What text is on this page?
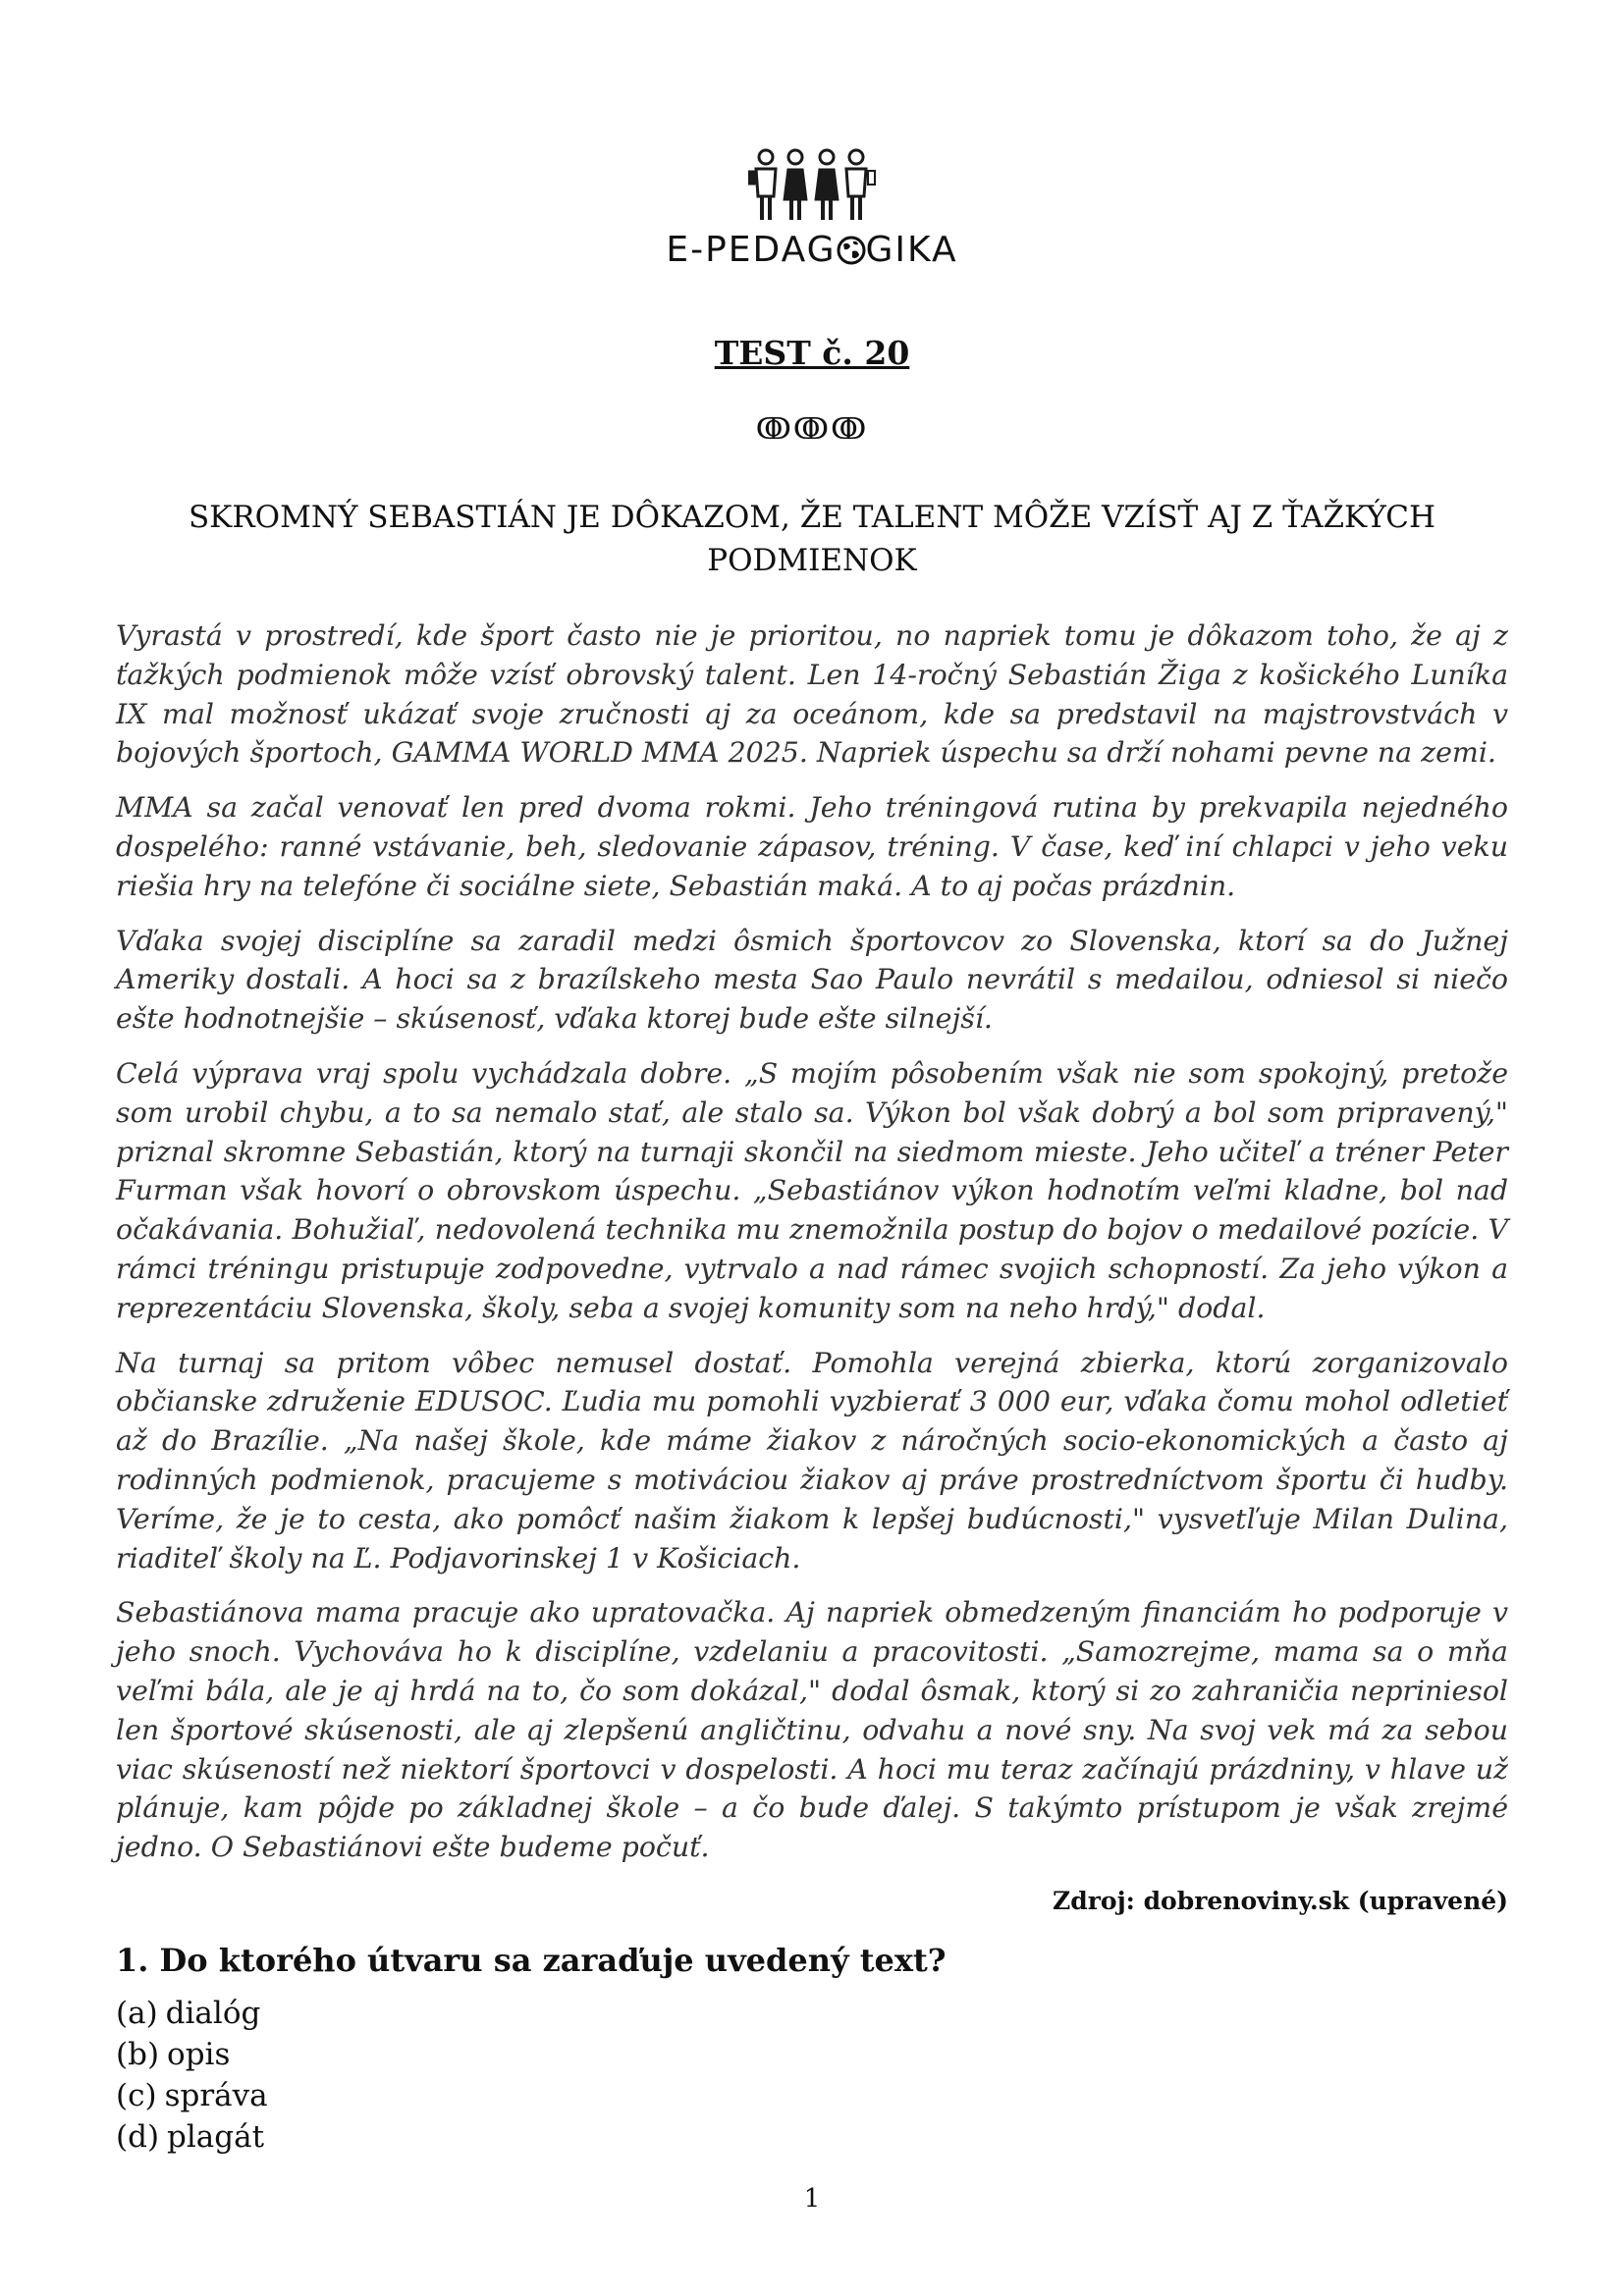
E-PEDAG GIKA
TEST č. 20
ↂↂↂ
SKROMNÝ SEBASTIÁN JE DÔKAZOM, ŽE TALENT MÔŽE VZÍSŤ AJ Z ŤAŽKÝCH
PODMIENOK

Vyrastá v prostredí, kde šport často nie je prioritou, no napriek tomu je dôkazom toho, že aj z ťažkých podmienok môže vzísť obrovský talent. Len 14-ročný Sebastián Žiga z košického Luníka IX mal možnosť ukázať svoje zručnosti aj za oceánom, kde sa predstavil na majstrovstvách v bojových športoch, GAMMA WORLD MMA 2025. Napriek úspechu sa drží nohami pevne na zemi.

MMA sa začal venovať len pred dvoma rokmi. Jeho tréningová rutina by prekvapila nejedného dospelého: ranné vstávanie, beh, sledovanie zápasov, tréning. V čase, keď iní chlapci v jeho veku riešia hry na telefóne či sociálne siete, Sebastián maká. A to aj počas prázdnin.

Vďaka svojej disciplíne sa zaradil medzi ôsmich športovcov zo Slovenska, ktorí sa do Južnej Ameriky dostali. A hoci sa z brazílskeho mesta Sao Paulo nevrátil s medailou, odniesol si niečo ešte hodnotnejšie – skúsenosť, vďaka ktorej bude ešte silnejší.

Celá výprava vraj spolu vychádzala dobre. „S mojím pôsobením však nie som spokojný, pretože som urobil chybu, a to sa nemalo stať, ale stalo sa. Výkon bol však dobrý a bol som pripravený," priznal skromne Sebastián, ktorý na turnaji skončil na siedmom mieste. Jeho učiteľ a tréner Peter Furman však hovorí o obrovskom úspechu. „Sebastiánov výkon hodnotím veľmi kladne, bol nad očakávania. Bohužiaľ, nedovolená technika mu znemožnila postup do bojov o medailové pozície. V rámci tréningu pristupuje zodpovedne, vytrvalo a nad rámec svojich schopností. Za jeho výkon a reprezentáciu Slovenska, školy, seba a svojej komunity som na neho hrdý," dodal.

Na turnaj sa pritom vôbec nemusel dostať. Pomohla verejná zbierka, ktorú zorganizovalo občianske združenie EDUSOC. Ľudia mu pomohli vyzbierať 3 000 eur, vďaka čomu mohol odletieť až do Brazílie. „Na našej škole, kde máme žiakov z náročných socio-ekonomických a často aj rodinných podmienok, pracujeme s motiváciou žiakov aj práve prostredníctvom športu či hudby. Veríme, že je to cesta, ako pomôcť našim žiakom k lepšej budúcnosti," vysvetľuje Milan Dulina, riaditeľ školy na Ľ. Podjavorinskej 1 v Košiciach.

Sebastiánova mama pracuje ako upratovačka. Aj napriek obmedzeným financiám ho podporuje v jeho snoch. Vychováva ho k disciplíne, vzdelaniu a pracovitosti. „Samozrejme, mama sa o mňa veľmi bála, ale je aj hrdá na to, čo som dokázal," dodal ôsmak, ktorý si zo zahraničia nepriniesol len športové skúsenosti, ale aj zlepšenú angličtinu, odvahu a nové sny. Na svoj vek má za sebou viac skúseností než niektorí športovci v dospelosti. A hoci mu teraz začínajú prázdniny, v hlave už plánuje, kam pôjde po základnej škole – a čo bude ďalej. S takýmto prístupom je však zrejmé jedno. O Sebastiánovi ešte budeme počuť.

Zdroj: dobrenoviny.sk (upravené)
1. Do ktorého útvaru sa zaraďuje uvedený text?
(a) dialóg
(b) opis
(c) správa
(d) plagát
1
